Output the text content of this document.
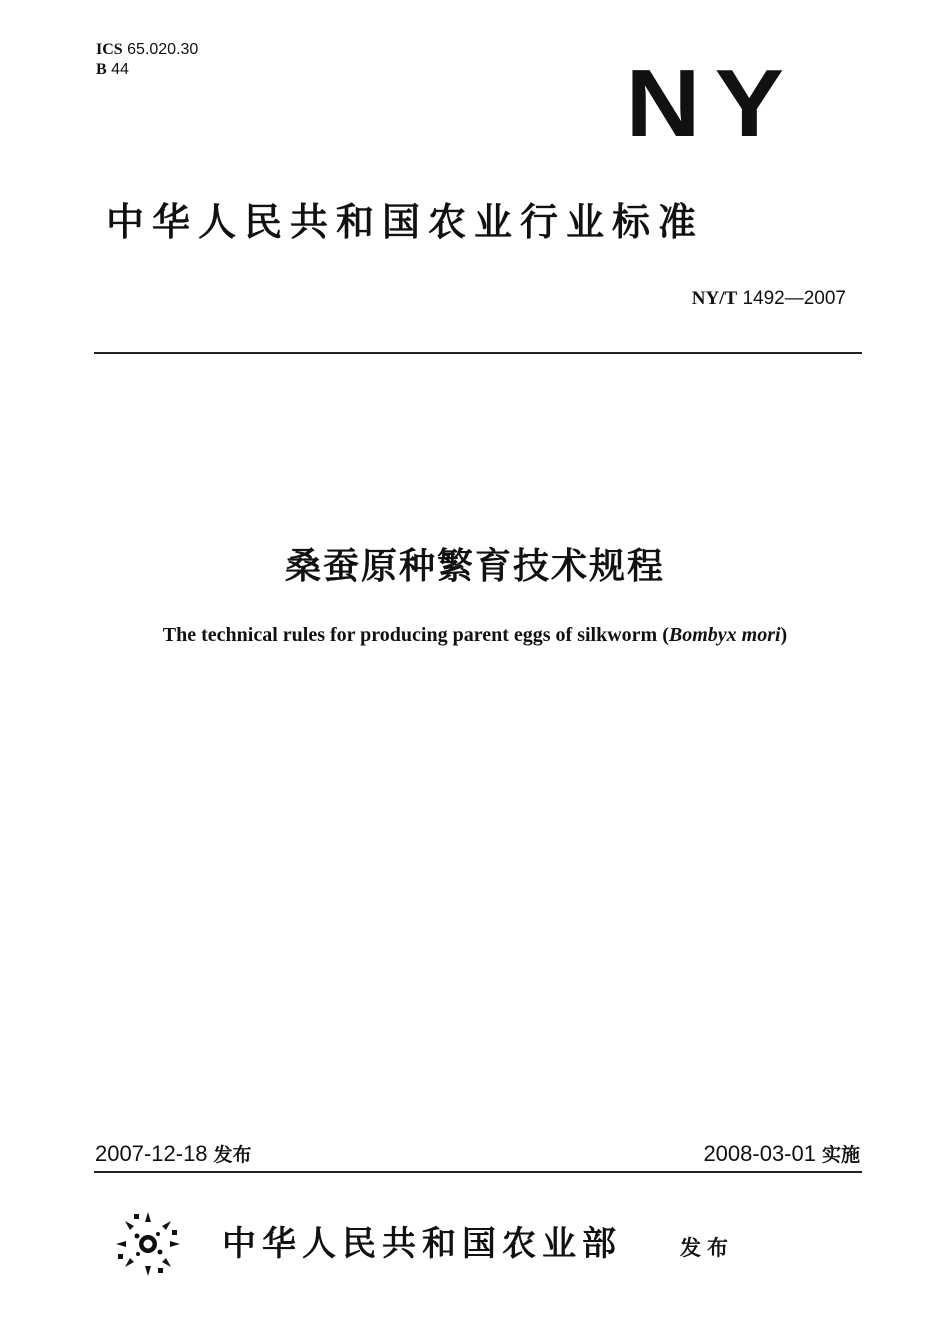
ICS 65.020.30
B 44	NY
中华人民共和国农业行业标准
NY/T 1492—2007
桑蚕原种繁育技术规程
The technical rules for producing parent eggs of silkworm (Bombyx mori)
2007-12-18 发布	2008-03-01 实施
中华人民共和国农业部	发布
